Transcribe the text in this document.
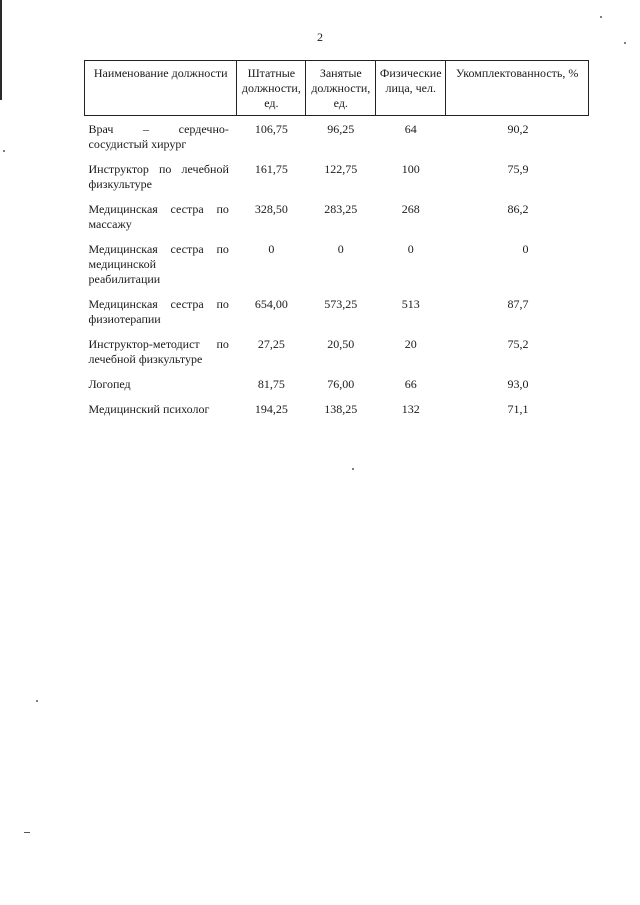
2
Наименование должности	Штатные должности, ед.	Занятые должности, ед.	Физические лица, чел.	Укомплектованность, %

Врач – сердечно-сосудистый хирург	106,75	96,25	64	90,2
Инструктор по лечебной физкультуре	161,75	122,75	100	75,9
Медицинская сестра по массажу	328,50	283,25	268	86,2
Медицинская сестра по медицинской реабилитации	0	0	0	0
Медицинская сестра по физиотерапии	654,00	573,25	513	87,7
Инструктор-методист по лечебной физкультуре	27,25	20,50	20	75,2
Логопед	81,75	76,00	66	93,0
Медицинский психолог	194,25	138,25	132	71,1
